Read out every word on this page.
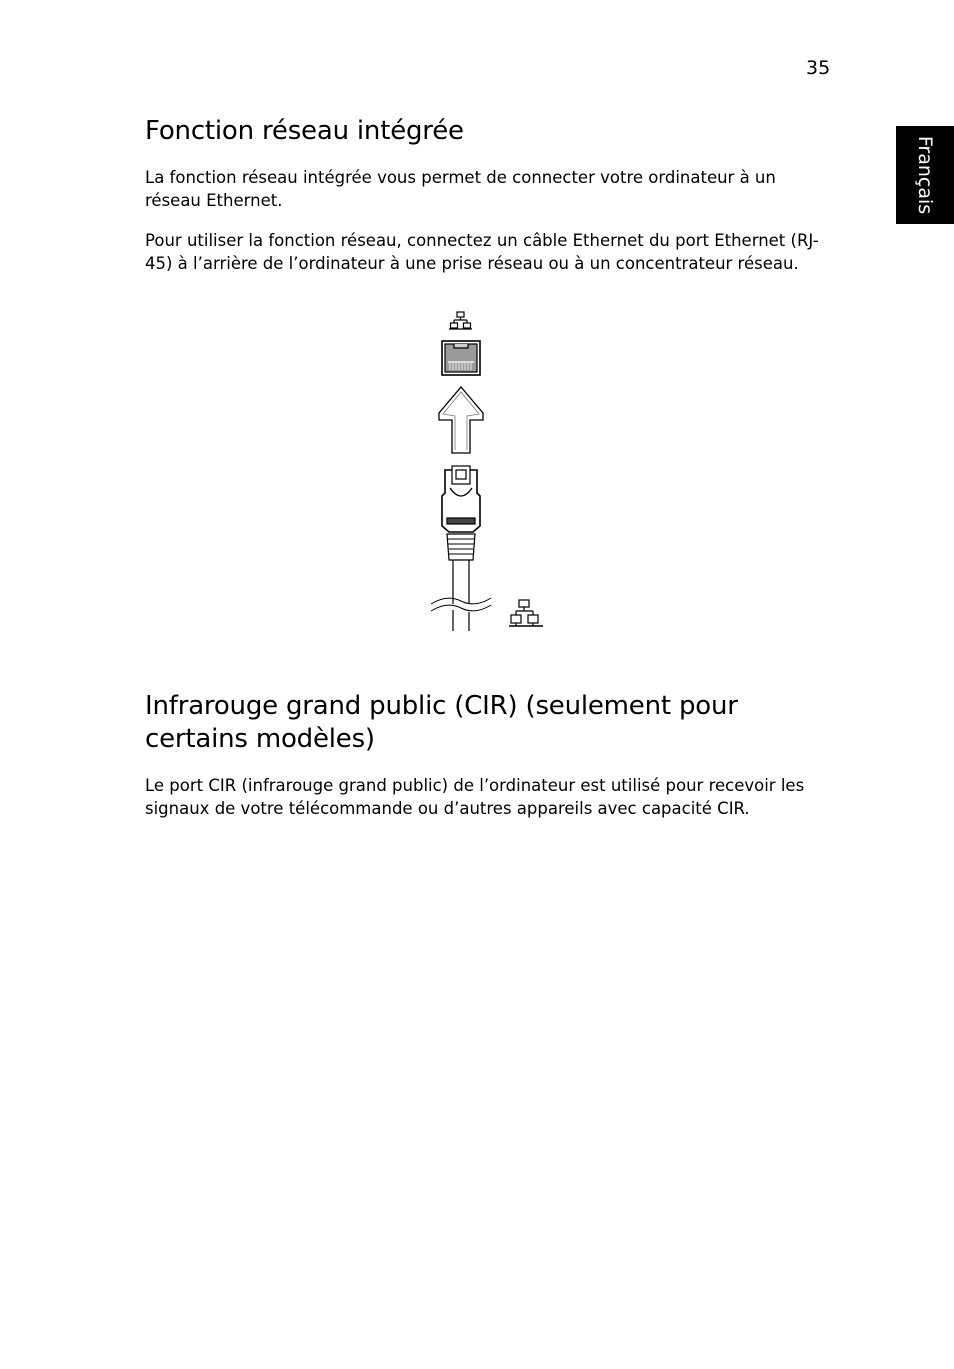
35
Français
Fonction réseau intégrée

La fonction réseau intégrée vous permet de connecter votre ordinateur à un réseau Ethernet.

Pour utiliser la fonction réseau, connectez un câble Ethernet du port Ethernet (RJ-45) à l’arrière de l’ordinateur à une prise réseau ou à un concentrateur réseau.

Infrarouge grand public (CIR) (seulement pour certains modèles)

Le port CIR (infrarouge grand public) de l’ordinateur est utilisé pour recevoir les signaux de votre télécommande ou d’autres appareils avec capacité CIR.
